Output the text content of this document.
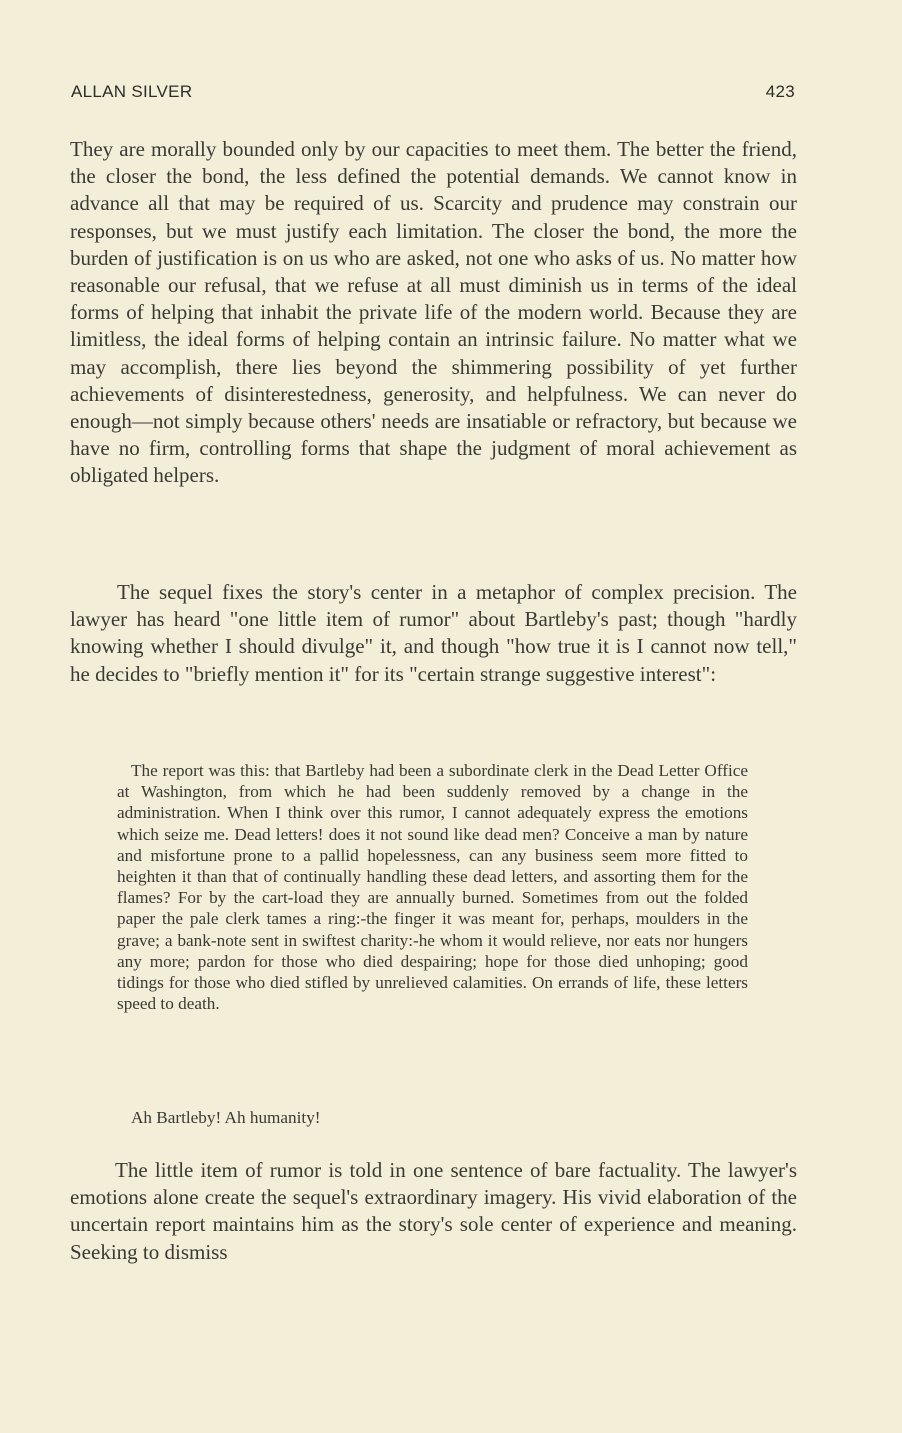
ALLAN SILVER	423

They are morally bounded only by our capacities to meet them. The better the friend, the closer the bond, the less defined the potential demands. We cannot know in advance all that may be required of us. Scarcity and prudence may constrain our responses, but we must justify each limitation. The closer the bond, the more the burden of justification is on us who are asked, not one who asks of us. No matter how reasonable our refusal, that we refuse at all must diminish us in terms of the ideal forms of helping that inhabit the private life of the modern world. Because they are limitless, the ideal forms of helping contain an intrinsic failure. No matter what we may accomplish, there lies beyond the shimmering possibility of yet further achievements of disinterestedness, generosity, and helpfulness. We can never do enough—not simply because others' needs are insatiable or refractory, but because we have no firm, controlling forms that shape the judgment of moral achievement as obligated helpers.

The sequel fixes the story's center in a metaphor of complex precision. The lawyer has heard "one little item of rumor" about Bartleby's past; though "hardly knowing whether I should divulge" it, and though "how true it is I cannot now tell," he decides to "briefly mention it" for its "certain strange suggestive interest":

The report was this: that Bartleby had been a subordinate clerk in the Dead Letter Office at Washington, from which he had been suddenly removed by a change in the administration. When I think over this rumor, I cannot adequately express the emotions which seize me. Dead letters! does it not sound like dead men? Conceive a man by nature and misfortune prone to a pallid hopelessness, can any business seem more fitted to heighten it than that of continually handling these dead letters, and assorting them for the flames? For by the cart-load they are annually burned. Sometimes from out the folded paper the pale clerk tames a ring:-the finger it was meant for, perhaps, moulders in the grave; a bank-note sent in swiftest charity:-he whom it would relieve, nor eats nor hungers any more; pardon for those who died despairing; hope for those died unhoping; good tidings for those who died stifled by unrelieved calamities. On errands of life, these letters speed to death.

Ah Bartleby! Ah humanity!

The little item of rumor is told in one sentence of bare factuality. The lawyer's emotions alone create the sequel's extraordinary imagery. His vivid elaboration of the uncertain report maintains him as the story's sole center of experience and meaning. Seeking to dismiss
